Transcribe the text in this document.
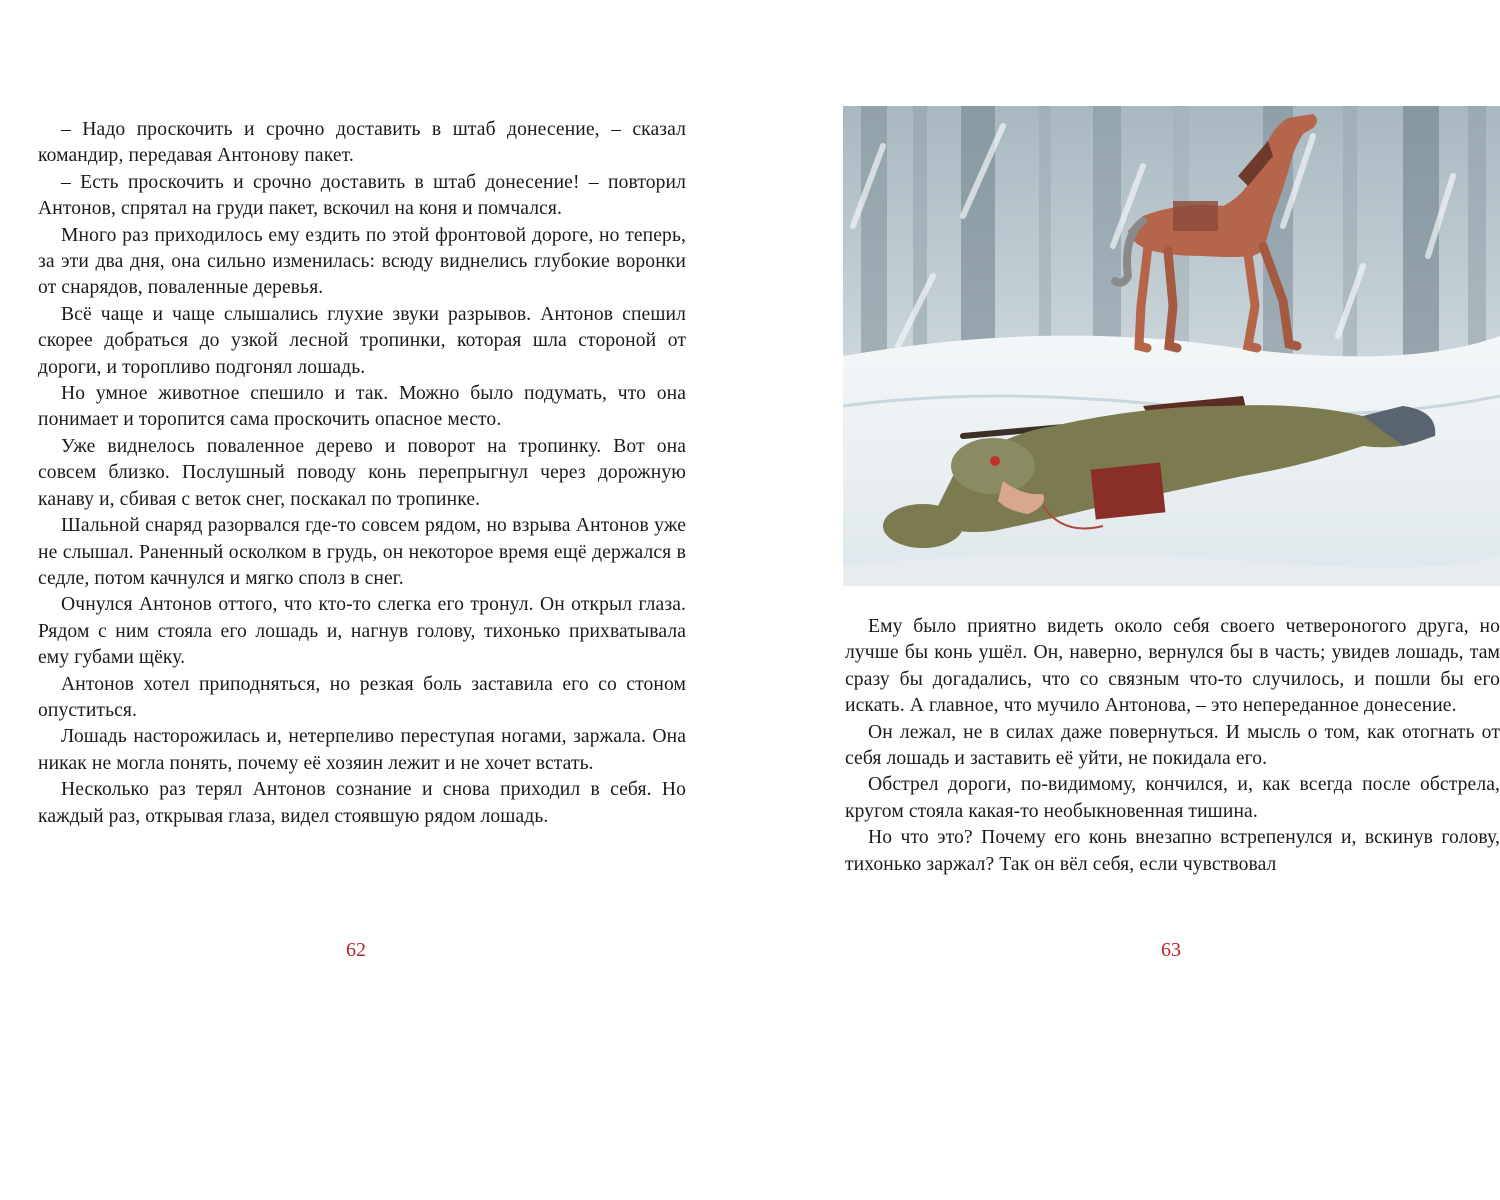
– Надо проскочить и срочно доставить в штаб донесение, – сказал командир, передавая Антонову пакет.

– Есть проскочить и срочно доставить в штаб донесение! – повторил Антонов, спрятал на груди пакет, вскочил на коня и помчался.

Много раз приходилось ему ездить по этой фронтовой дороге, но теперь, за эти два дня, она сильно изменилась: всюду виднелись глубокие воронки от снарядов, поваленные деревья.

Всё чаще и чаще слышались глухие звуки разрывов. Антонов спешил скорее добраться до узкой лесной тропинки, которая шла стороной от дороги, и торопливо подгонял лошадь.

Но умное животное спешило и так. Можно было подумать, что она понимает и торопится сама проскочить опасное место.

Уже виднелось поваленное дерево и поворот на тропинку. Вот она совсем близко. Послушный поводу конь перепрыгнул через дорожную канаву и, сбивая с веток снег, поскакал по тропинке.

Шальной снаряд разорвался где-то совсем рядом, но взрыва Антонов уже не слышал. Раненный осколком в грудь, он некоторое время ещё держался в седле, потом качнулся и мягко сполз в снег.

Очнулся Антонов оттого, что кто-то слегка его тронул. Он открыл глаза. Рядом с ним стояла его лошадь и, нагнув голову, тихонько прихватывала ему губами щёку.

Антонов хотел приподняться, но резкая боль заставила его со стоном опуститься.

Лошадь насторожилась и, нетерпеливо переступая ногами, заржала. Она никак не могла понять, почему её хозяин лежит и не хочет встать.

Несколько раз терял Антонов сознание и снова приходил в себя. Но каждый раз, открывая глаза, видел стоявшую рядом лошадь.

62

Ему было приятно видеть около себя своего четвероногого друга, но лучше бы конь ушёл. Он, наверно, вернулся бы в часть; увидев лошадь, там сразу бы догадались, что со связным что-то случилось, и пошли бы его искать. А главное, что мучило Антонова, – это непереданное донесение.

Он лежал, не в силах даже повернуться. И мысль о том, как отогнать от себя лошадь и заставить её уйти, не покидала его.

Обстрел дороги, по-видимому, кончился, и, как всегда после обстрела, кругом стояла какая-то необыкновенная тишина.

Но что это? Почему его конь внезапно встрепенулся и, вскинув голову, тихонько заржал? Так он вёл себя, если чувствовал

63
